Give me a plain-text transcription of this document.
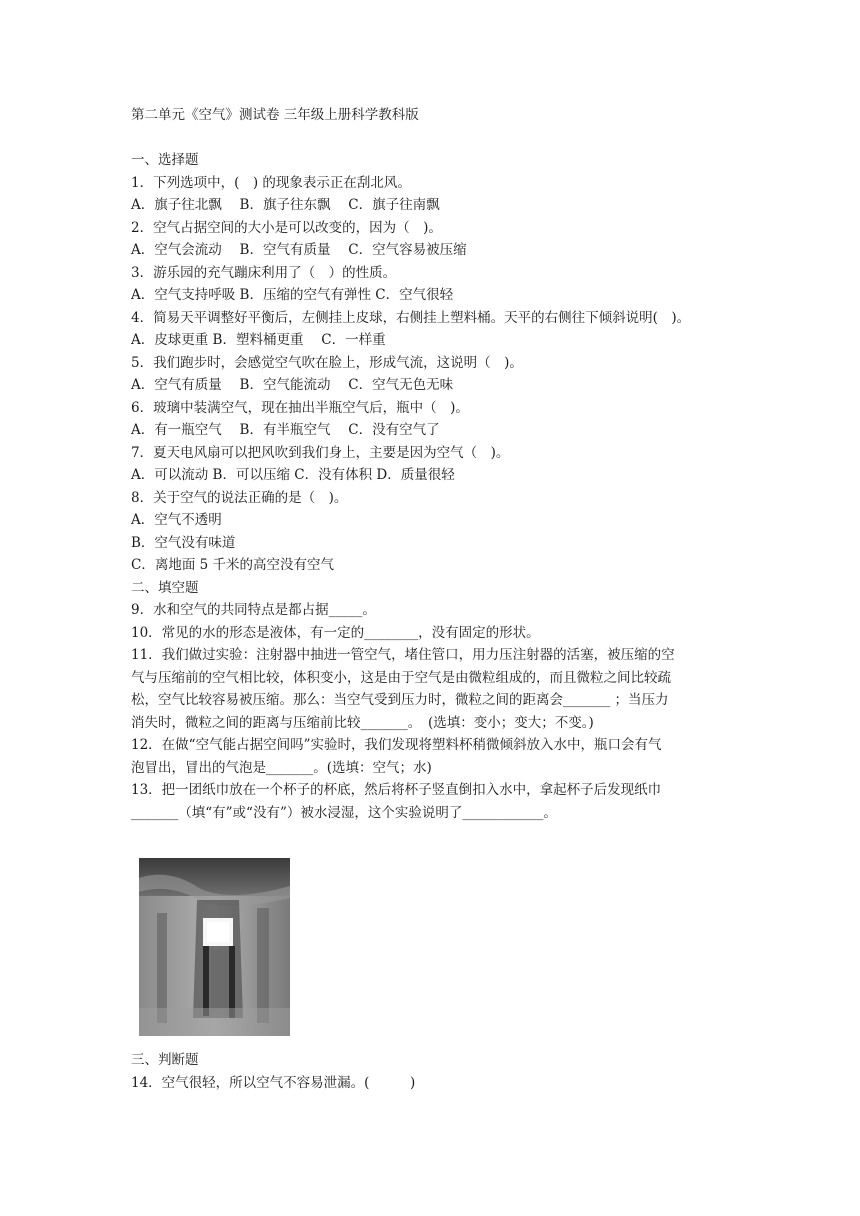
第二单元《空气》测试卷 三年级上册科学教科版
一、选择题
1．下列选项中，(　) 的现象表示正在刮北风。
A．旗子往北飘　 B．旗子往东飘　 C．旗子往南飘
2．空气占据空间的大小是可以改变的，因为（　)。
A．空气会流动　 B．空气有质量　 C．空气容易被压缩
3．游乐园的充气蹦床利用了（　）的性质。
A．空气支持呼吸 B．压缩的空气有弹性 C．空气很轻
4．简易天平调整好平衡后，左侧挂上皮球，右侧挂上塑料桶。天平的右侧往下倾斜说明(　)。
A．皮球更重 B．塑料桶更重　 C．一样重
5．我们跑步时，会感觉空气吹在脸上，形成气流，这说明（　)。
A．空气有质量　 B．空气能流动　 C．空气无色无味
6．玻璃中装满空气，现在抽出半瓶空气后，瓶中（　)。
A．有一瓶空气　 B．有半瓶空气　 C．没有空气了
7．夏天电风扇可以把风吹到我们身上，主要是因为空气（　)。
A．可以流动 B．可以压缩 C．没有体积 D．质量很轻
8．关于空气的说法正确的是（　)。
A．空气不透明
B．空气没有味道
C．离地面 5 千米的高空没有空气
二、填空题
9．水和空气的共同特点是都占据_____。
10．常见的水的形态是液体，有一定的________，没有固定的形状。
11．我们做过实验：注射器中抽进一管空气，堵住管口，用力压注射器的活塞，被压缩的空
气与压缩前的空气相比较，体积变小，这是由于空气是由微粒组成的，而且微粒之间比较疏
松，空气比较容易被压缩。那么：当空气受到压力时，微粒之间的距离会_______ ；当压力
消失时，微粒之间的距离与压缩前比较_______。　(选填：变小；变大；不变。)
12．在做“空气能占据空间吗”实验时，我们发现将塑料杯稍微倾斜放入水中，瓶口会有气
泡冒出，冒出的气泡是_______。(选填：空气；水)
13．把一团纸巾放在一个杯子的杯底，然后将杯子竖直倒扣入水中，拿起杯子后发现纸巾
_______（填“有”或“没有”）被水浸湿，这个实验说明了____________。
三、判断题
14．空气很轻，所以空气不容易泄漏。(　　　)
